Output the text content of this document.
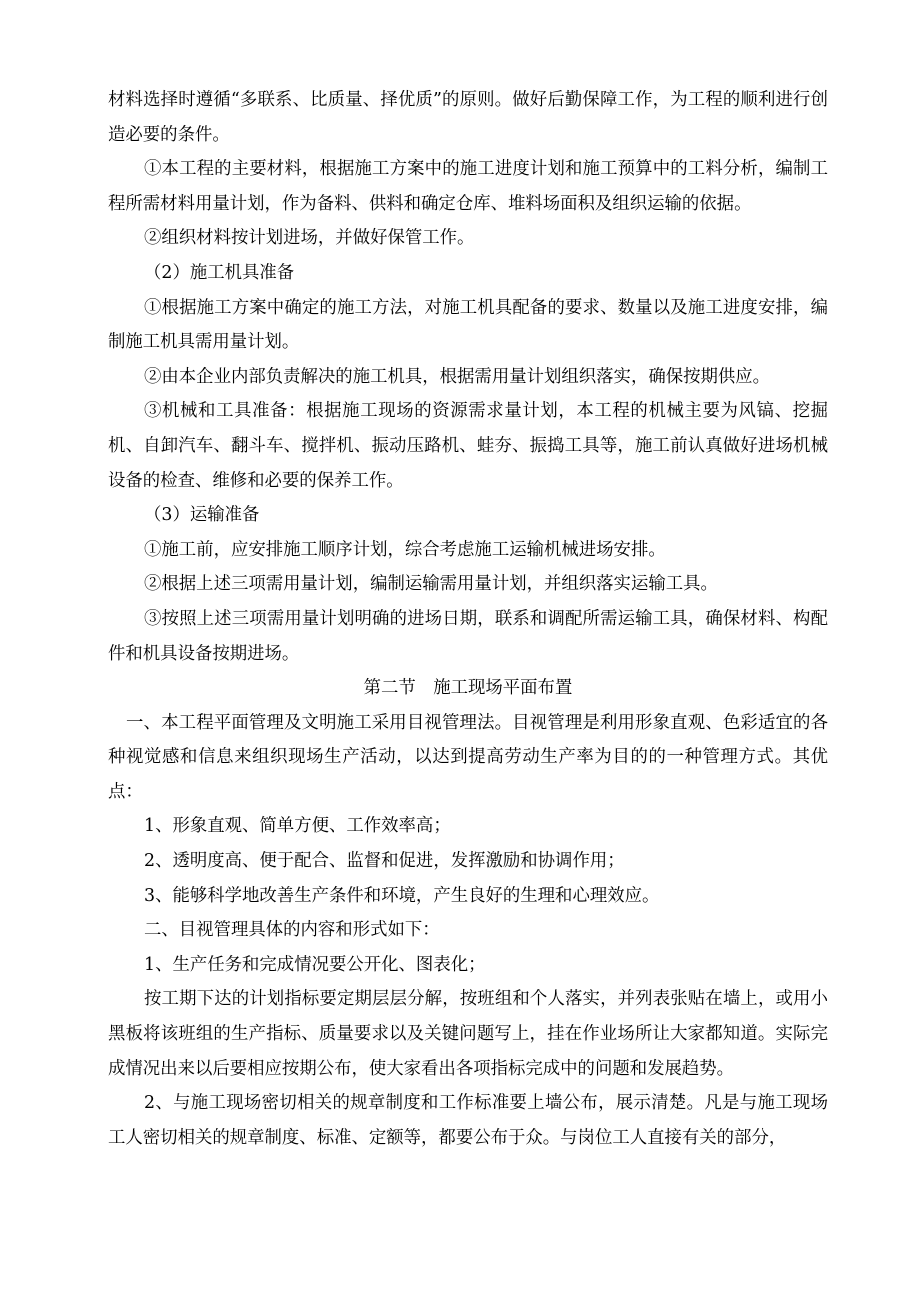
材料选择时遵循“多联系、比质量、择优质”的原则。做好后勤保障工作，为工程的顺利进行创造必要的条件。

①本工程的主要材料，根据施工方案中的施工进度计划和施工预算中的工料分析，编制工程所需材料用量计划，作为备料、供料和确定仓库、堆料场面积及组织运输的依据。

②组织材料按计划进场，并做好保管工作。

（2）施工机具准备

①根据施工方案中确定的施工方法，对施工机具配备的要求、数量以及施工进度安排，编制施工机具需用量计划。

②由本企业内部负责解决的施工机具，根据需用量计划组织落实，确保按期供应。

③机械和工具准备：根据施工现场的资源需求量计划，本工程的机械主要为风镐、挖掘机、自卸汽车、翻斗车、搅拌机、振动压路机、蛙夯、振捣工具等，施工前认真做好进场机械设备的检查、维修和必要的保养工作。

（3）运输准备

①施工前，应安排施工顺序计划，综合考虑施工运输机械进场安排。

②根据上述三项需用量计划，编制运输需用量计划，并组织落实运输工具。

③按照上述三项需用量计划明确的进场日期，联系和调配所需运输工具，确保材料、构配件和机具设备按期进场。

第二节　施工现场平面布置

一、本工程平面管理及文明施工采用目视管理法。目视管理是利用形象直观、色彩适宜的各种视觉感和信息来组织现场生产活动，以达到提高劳动生产率为目的的一种管理方式。其优点：

1、形象直观、简单方便、工作效率高；

2、透明度高、便于配合、监督和促进，发挥激励和协调作用；

3、能够科学地改善生产条件和环境，产生良好的生理和心理效应。

二、目视管理具体的内容和形式如下：

1、生产任务和完成情况要公开化、图表化；

按工期下达的计划指标要定期层层分解，按班组和个人落实，并列表张贴在墙上，或用小黑板将该班组的生产指标、质量要求以及关键问题写上，挂在作业场所让大家都知道。实际完成情况出来以后要相应按期公布，使大家看出各项指标完成中的问题和发展趋势。

2、与施工现场密切相关的规章制度和工作标准要上墙公布，展示清楚。凡是与施工现场工人密切相关的规章制度、标准、定额等，都要公布于众。与岗位工人直接有关的部分，
